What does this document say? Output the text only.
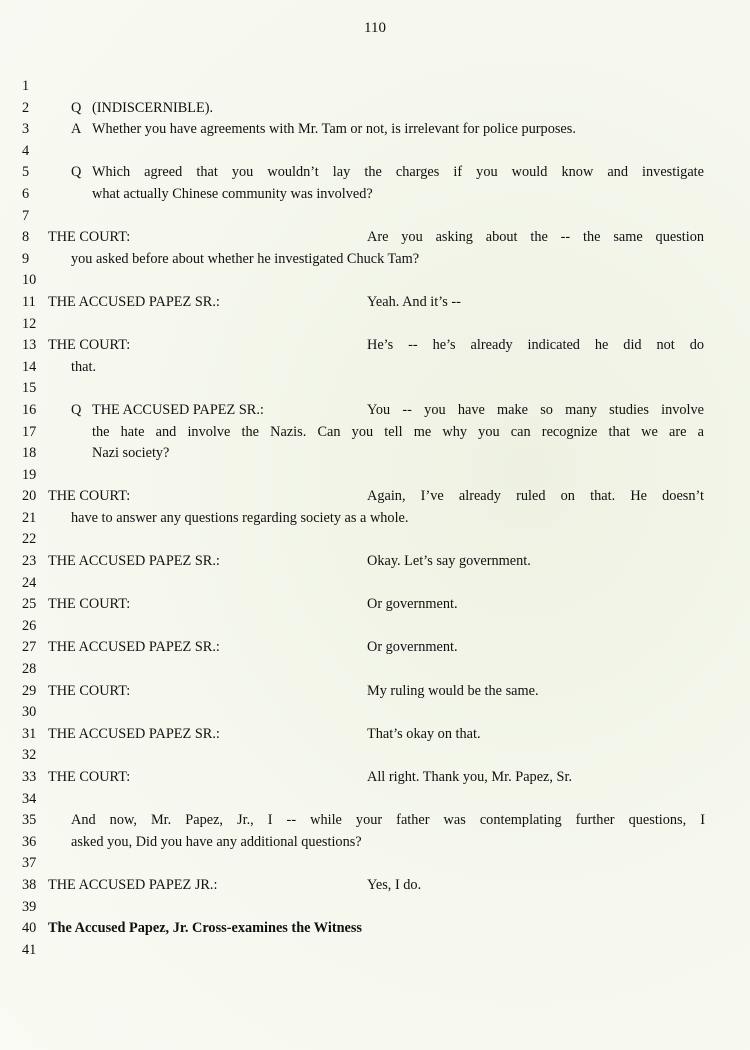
110
1
2	Q (INDISCERNIBLE).
3	A Whether you have agreements with Mr. Tam or not, is irrelevant for police purposes.
4
5	Q Which agreed that you wouldn’t lay the charges if you would know and investigate
6	what actually Chinese community was involved?
7
8	THE COURT:	Are you asking about the -- the same question
9	you asked before about whether he investigated Chuck Tam?
10
11 THE ACCUSED PAPEZ SR.:	Yeah. And it’s --
12
13 THE COURT:	He’s -- he’s already indicated he did not do
14	that.
15
16	Q THE ACCUSED PAPEZ SR.:	You -- you have make so many studies involve
17	the hate and involve the Nazis. Can you tell me why you can recognize that we are a
18	Nazi society?
19
20 THE COURT:	Again, I’ve already ruled on that. He doesn’t
21	have to answer any questions regarding society as a whole.
22
23 THE ACCUSED PAPEZ SR.:	Okay. Let’s say government.
24
25 THE COURT:	Or government.
26
27 THE ACCUSED PAPEZ SR.:	Or government.
28
29 THE COURT:	My ruling would be the same.
30
31 THE ACCUSED PAPEZ SR.:	That’s okay on that.
32
33 THE COURT:	All right. Thank you, Mr. Papez, Sr.
34
35	And now, Mr. Papez, Jr., I -- while your father was contemplating further questions, I
36	asked you, Did you have any additional questions?
37
38 THE ACCUSED PAPEZ JR.:	Yes, I do.
39
40 The Accused Papez, Jr. Cross-examines the Witness
41
